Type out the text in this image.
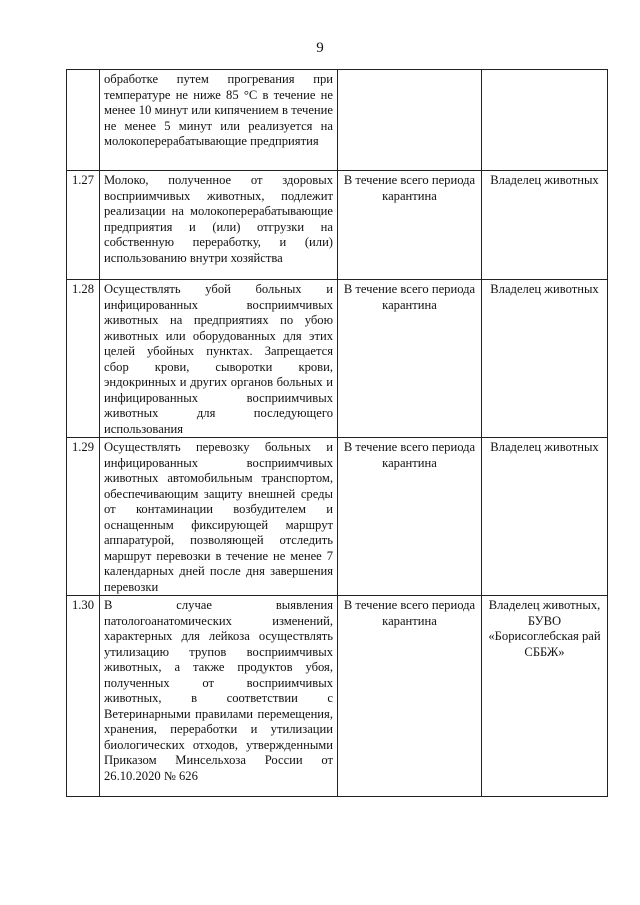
9
	обработке путем прогревания при температуре не ниже 85 °С в течение не менее 10 минут или кипячением в течение не менее 5 минут или реализуется на молокоперерабатывающие предприятия		
1.27	Молоко, полученное от здоровых восприимчивых животных, подлежит реализации на молокоперерабатывающие предприятия и (или) отгрузки на собственную переработку, и (или) использованию внутри хозяйства	В течение всего периода карантина	Владелец животных
1.28	Осуществлять убой больных и инфицированных восприимчивых животных на предприятиях по убою животных или оборудованных для этих целей убойных пунктах. Запрещается сбор крови, сыворотки крови, эндокринных и других органов больных и инфицированных восприимчивых животных для последующего использования	В течение всего периода карантина	Владелец животных
1.29	Осуществлять перевозку больных и инфицированных восприимчивых животных автомобильным транспортом, обеспечивающим защиту внешней среды от контаминации возбудителем и оснащенным фиксирующей маршрут аппаратурой, позволяющей отследить маршрут перевозки в течение не менее 7 календарных дней после дня завершения перевозки	В течение всего периода карантина	Владелец животных
1.30	В случае выявления патологоанатомических изменений, характерных для лейкоза осуществлять утилизацию трупов восприимчивых животных, а также продуктов убоя, полученных от восприимчивых животных, в соответствии с Ветеринарными правилами перемещения, хранения, переработки и утилизации биологических отходов, утвержденными Приказом Минсельхоза России от 26.10.2020 № 626	В течение всего периода карантина	Владелец животных, БУВО «Борисоглебская рай СББЖ»
